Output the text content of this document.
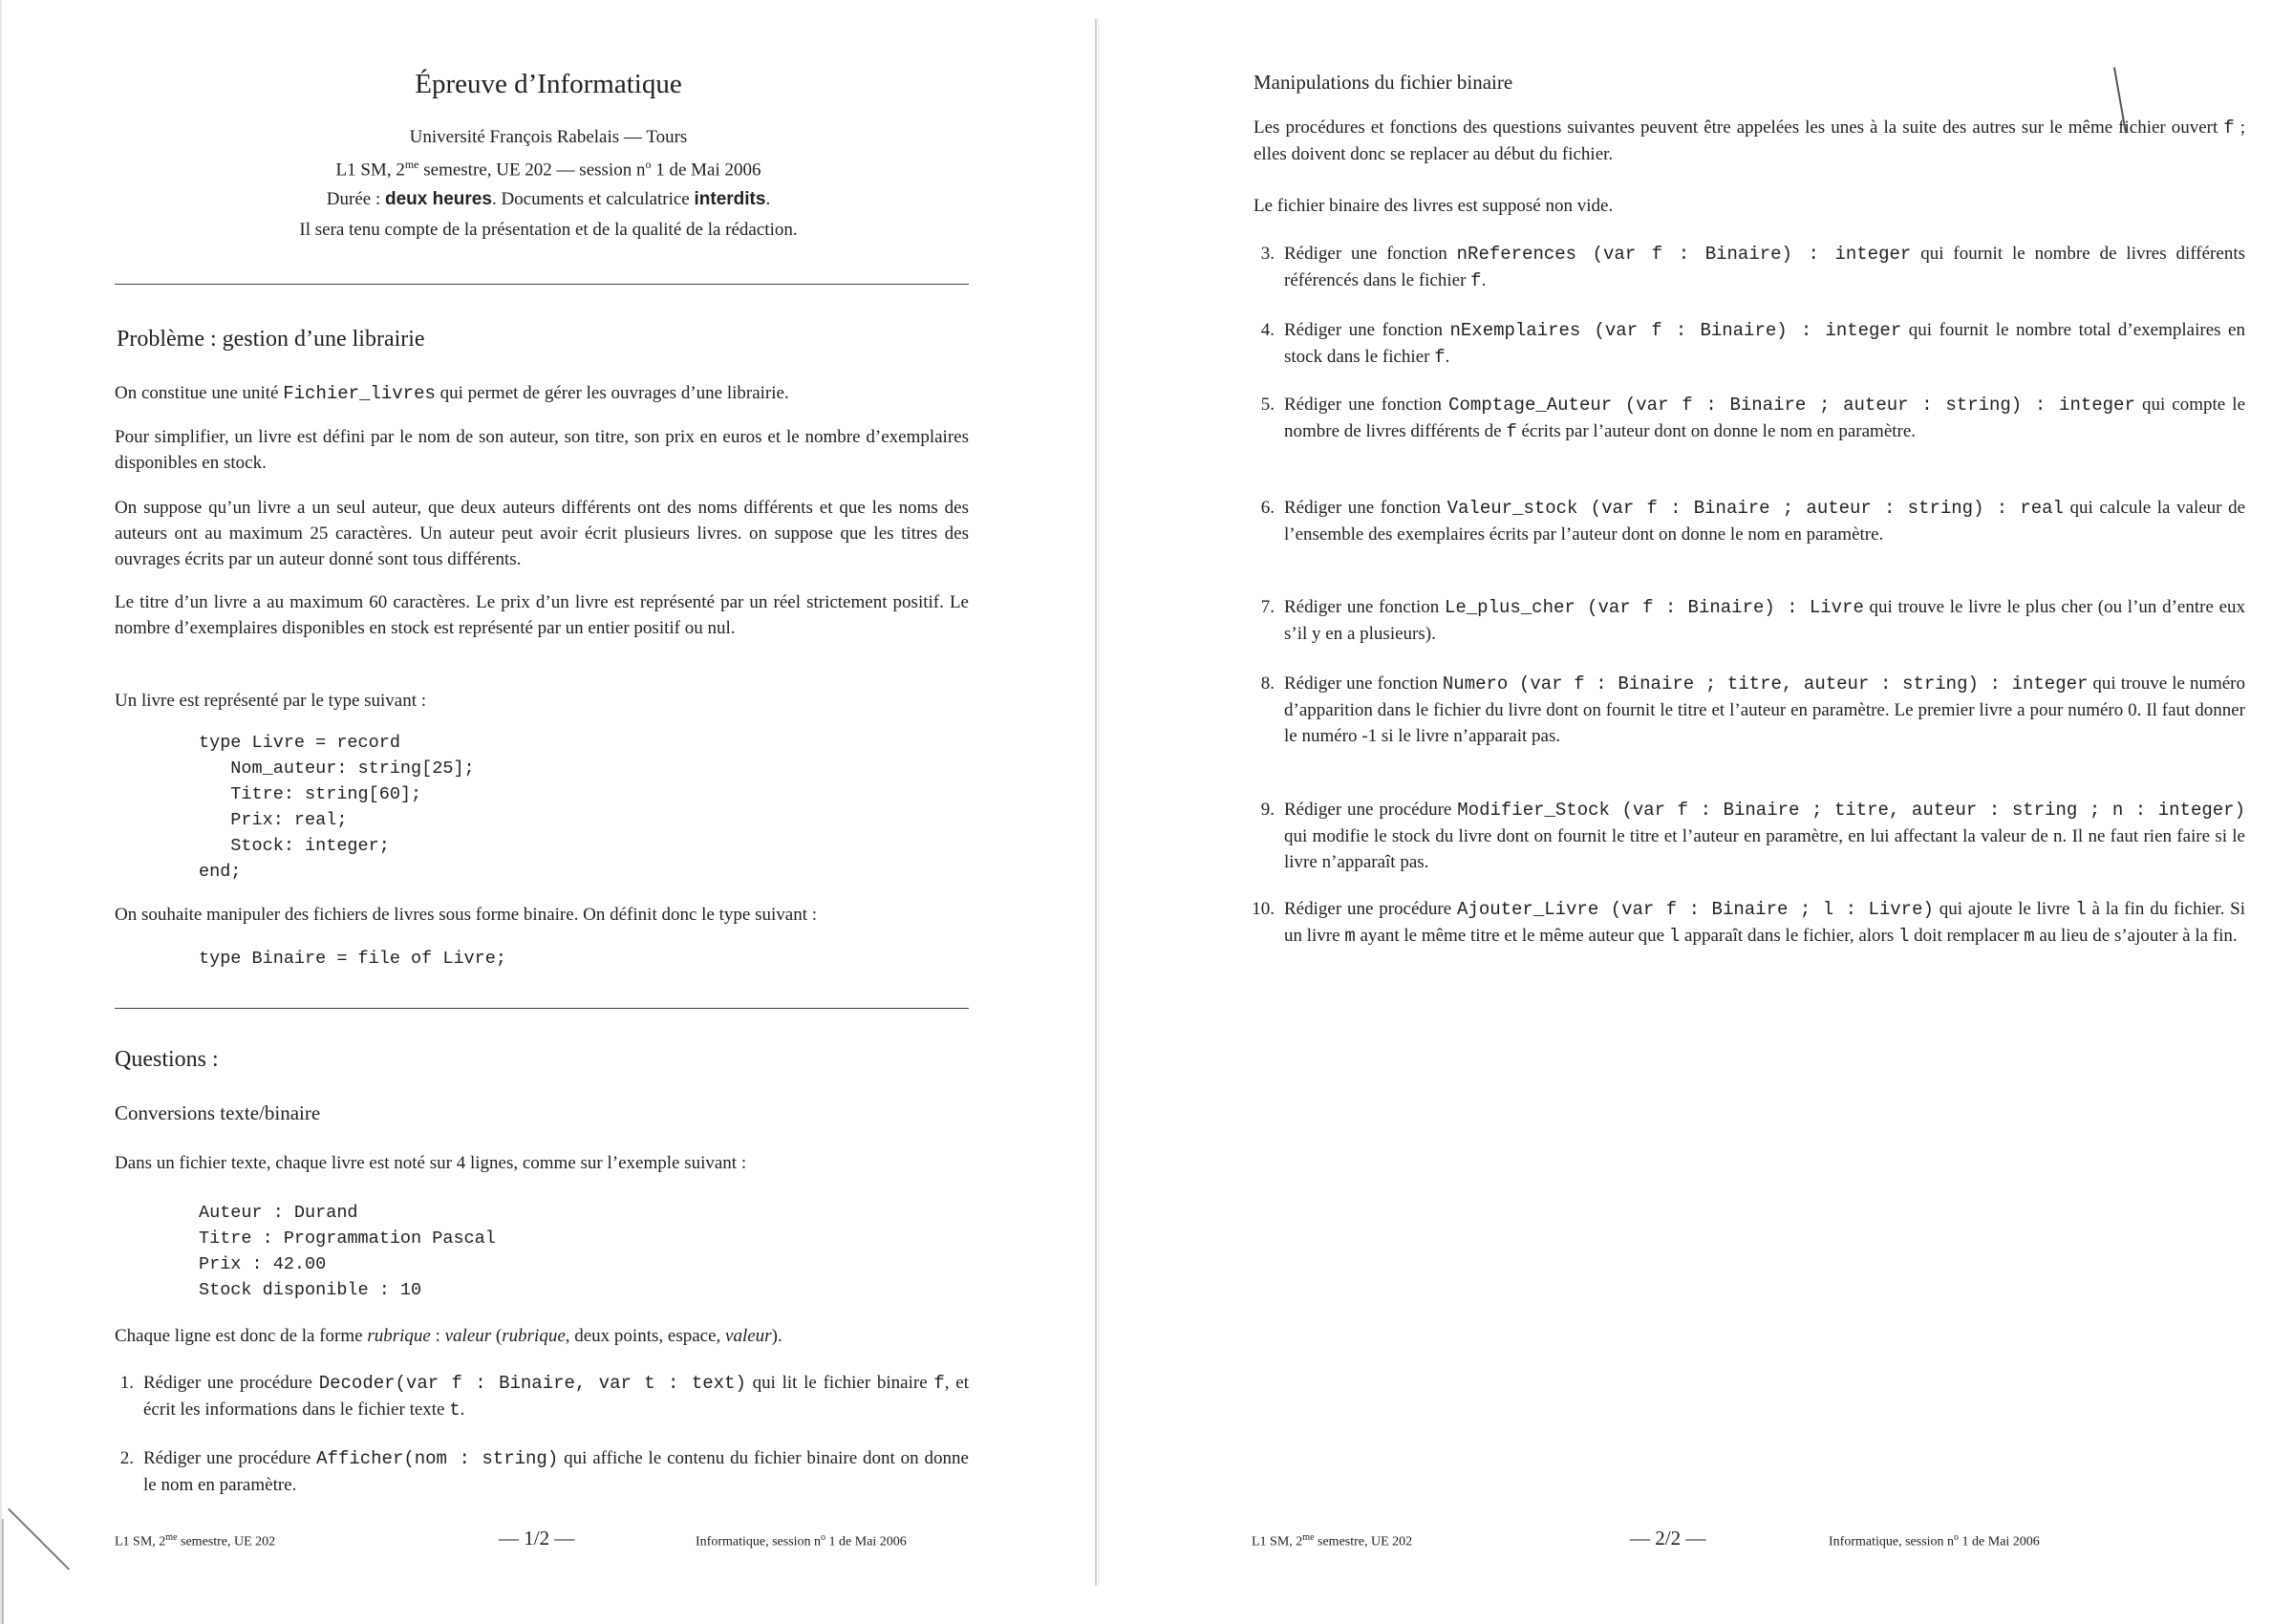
Épreuve d’Informatique
Université François Rabelais — Tours
L1 SM, $2^{me}$ semestre, UE 202 — session $n^o$ 1 de Mai 2006
Durée : deux heures. Documents et calculatrice interdits.
Il sera tenu compte de la présentation et de la qualité de la rédaction.
Problème : gestion d’une librairie

On constitue une unité Fichier_livres qui permet de gérer les ouvrages d’une librairie.

Pour simplifier, un livre est défini par le nom de son auteur, son titre, son prix en euros et le nombre d’exemplaires disponibles en stock.

On suppose qu’un livre a un seul auteur, que deux auteurs différents ont des noms différents et que les noms des auteurs ont au maximum 25 caractères. Un auteur peut avoir écrit plusieurs livres. on suppose que les titres des ouvrages écrits par un auteur donné sont tous différents.

Le titre d’un livre a au maximum 60 caractères. Le prix d’un livre est représenté par un réel strictement positif. Le nombre d’exemplaires disponibles en stock est représenté par un entier positif ou nul.

Un livre est représenté par le type suivant :

type Livre = record
Nom_auteur: string[25];
Titre: string[60];
Prix: real;
Stock: integer;
end;

On souhaite manipuler des fichiers de livres sous forme binaire. On définit donc le type suivant :

type Binaire = file of Livre;
Questions :
Conversions texte/binaire

Dans un fichier texte, chaque livre est noté sur 4 lignes, comme sur l’exemple suivant :

Auteur : Durand
Titre : Programmation Pascal
Prix : 42.00
Stock disponible : 10

Chaque ligne est donc de la forme rubrique : valeur (rubrique, deux points, espace, valeur).

1. Rédiger une procédure Decoder(var f : Binaire, var t : text) qui lit le fichier binaire f, et écrit les informations dans le fichier texte t.
2. Rédiger une procédure Afficher(nom : string) qui affiche le contenu du fichier binaire dont on donne le nom en paramètre.
L1 SM, $2^{me}$ semestre, UE 202	— 1/2 —	Informatique, session $n^o$ 1 de Mai 2006
Manipulations du fichier binaire

Les procédures et fonctions des questions suivantes peuvent être appelées les unes à la suite des autres sur le même fichier ouvert f ; elles doivent donc se replacer au début du fichier.

Le fichier binaire des livres est supposé non vide.

3. Rédiger une fonction nReferences (var f : Binaire) : integer qui fournit le nombre de livres différents référencés dans le fichier f.
4. Rédiger une fonction nExemplaires (var f : Binaire) : integer qui fournit le nombre total d’exemplaires en stock dans le fichier f.
5. Rédiger une fonction Comptage_Auteur (var f : Binaire ; auteur : string) : integer qui compte le nombre de livres différents de f écrits par l’auteur dont on donne le nom en paramètre.
6. Rédiger une fonction Valeur_stock (var f : Binaire ; auteur : string) : real qui calcule la valeur de l’ensemble des exemplaires écrits par l’auteur dont on donne le nom en paramètre.
7. Rédiger une fonction Le_plus_cher (var f : Binaire) : Livre qui trouve le livre le plus cher (ou l’un d’entre eux s’il y en a plusieurs).
8. Rédiger une fonction Numero (var f : Binaire ; titre, auteur : string) : integer qui trouve le numéro d’apparition dans le fichier du livre dont on fournit le titre et l’auteur en paramètre. Le premier livre a pour numéro 0. Il faut donner le numéro -1 si le livre n’apparait pas.
9. Rédiger une procédure Modifier_Stock (var f : Binaire ; titre, auteur : string ; n : integer) qui modifie le stock du livre dont on fournit le titre et l’auteur en paramètre, en lui affectant la valeur de n. Il ne faut rien faire si le livre n’apparaît pas.
10. Rédiger une procédure Ajouter_Livre (var f : Binaire ; l : Livre) qui ajoute le livre l à la fin du fichier. Si un livre m ayant le même titre et le même auteur que l apparaît dans le fichier, alors l doit remplacer m au lieu de s’ajouter à la fin.
L1 SM, $2^{me}$ semestre, UE 202	— 2/2 —	Informatique, session $n^o$ 1 de Mai 2006
